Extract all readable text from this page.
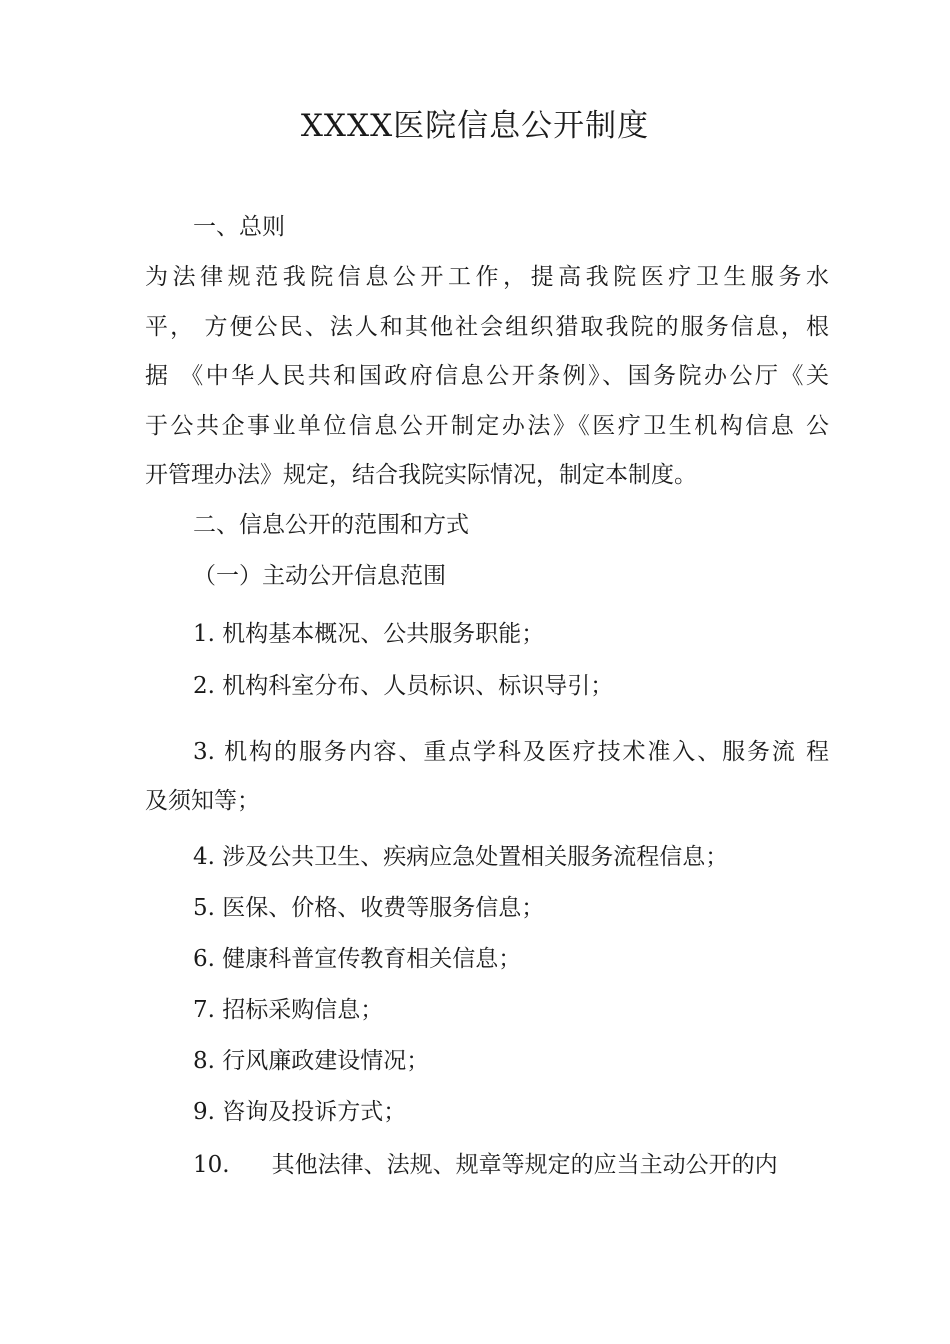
XXXX医院信息公开制度
一、总则
为法律规范我院信息公开工作，提高我院医疗卫生服务水
平， 方便公民、法人和其他社会组织猎取我院的服务信息，根
据 《中华人民共和国政府信息公开条例》、国务院办公厅《关
于公共企事业单位信息公开制定办法》《医疗卫生机构信息 公
开管理办法》规定，结合我院实际情况，制定本制度。
二、信息公开的范围和方式
（一）主动公开信息范围
1. 机构基本概况、公共服务职能；
2. 机构科室分布、人员标识、标识导引；
3. 机构的服务内容、重点学科及医疗技术准入、服务流 程
及须知等；
4. 涉及公共卫生、疾病应急处置相关服务流程信息；
5. 医保、价格、收费等服务信息；
6. 健康科普宣传教育相关信息；
7. 招标采购信息；
8. 行风廉政建设情况；
9. 咨询及投诉方式；
10. 其他法律、法规、规章等规定的应当主动公开的内
